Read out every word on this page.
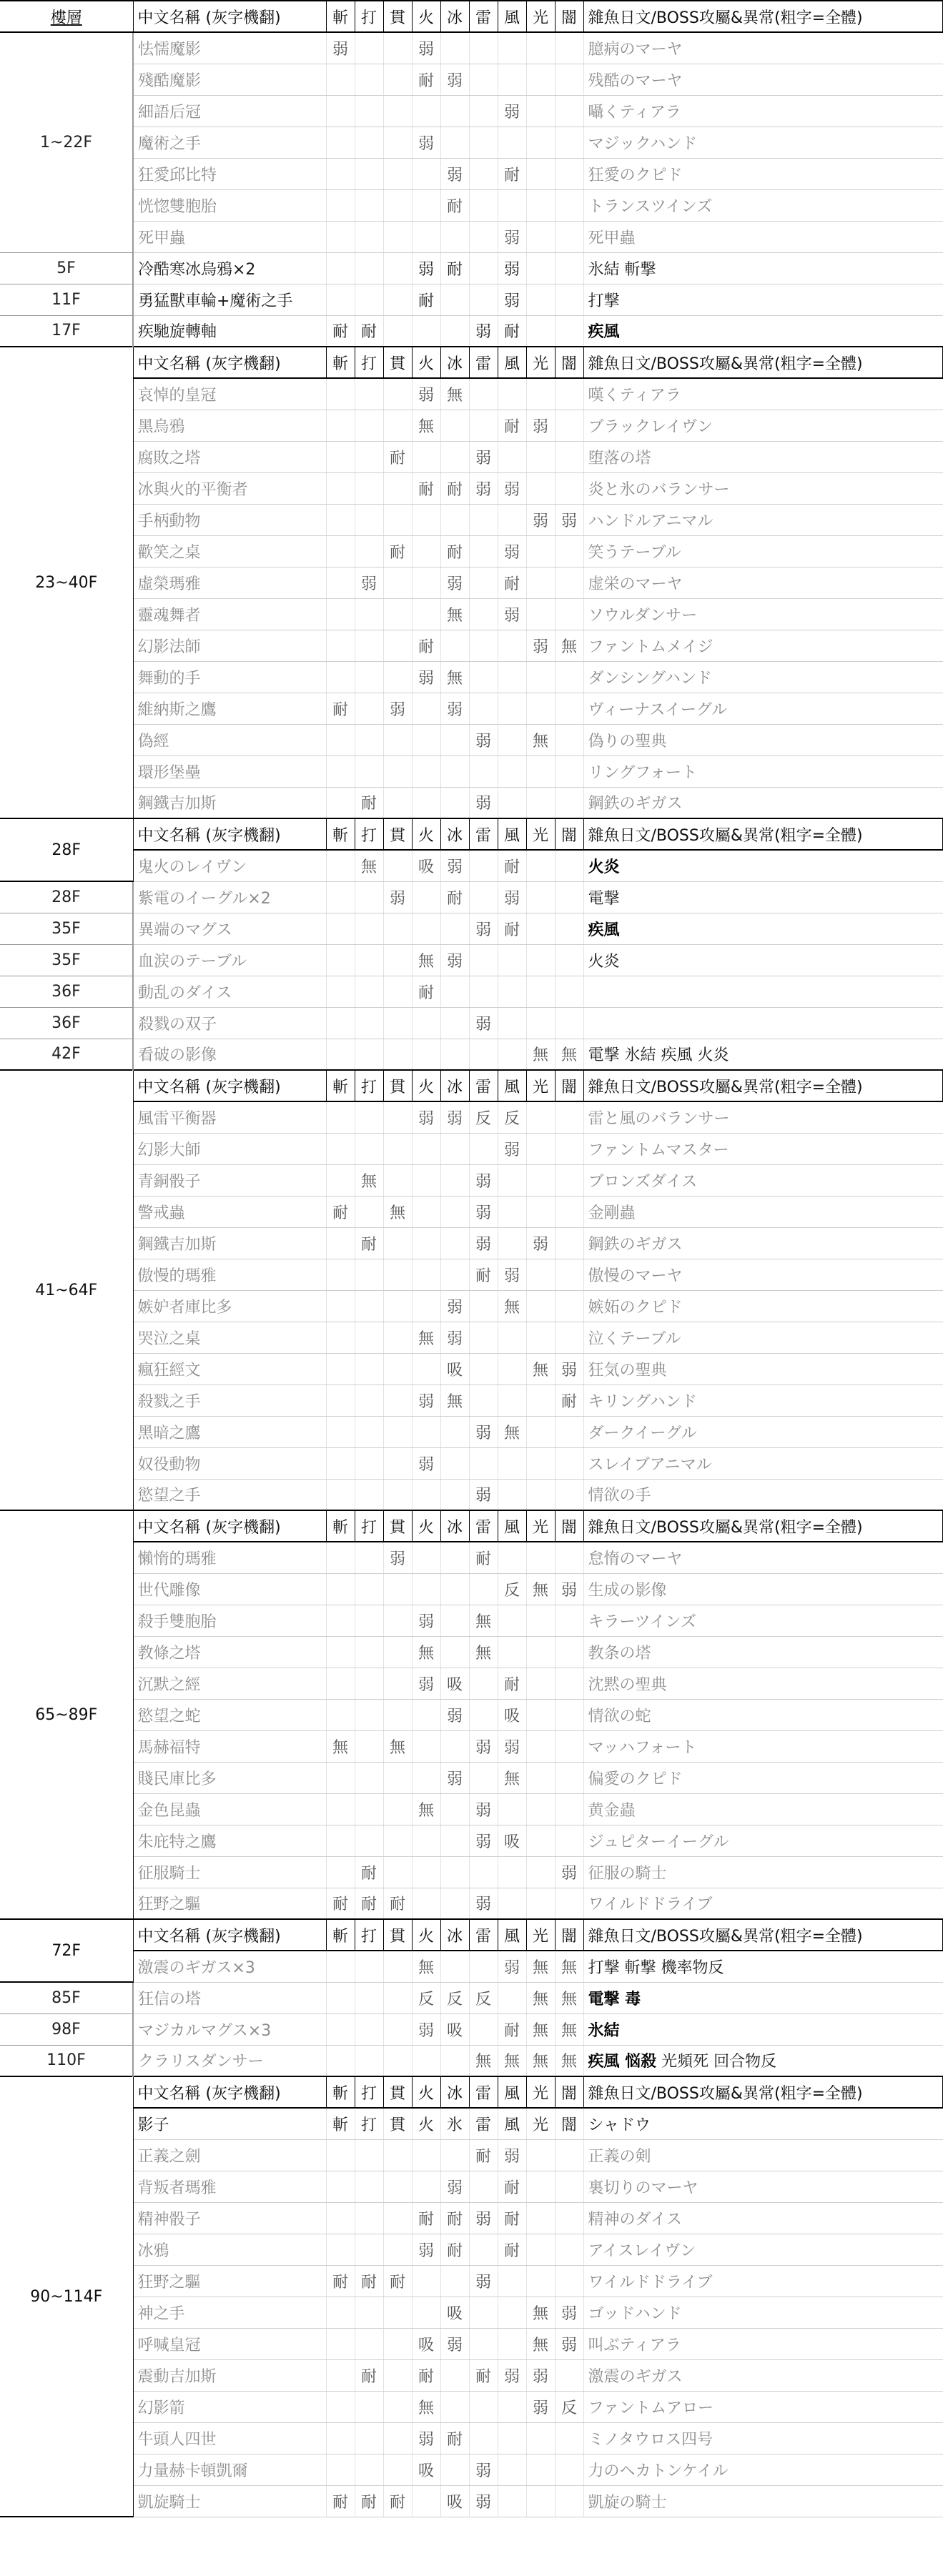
樓層	中文名稱 (灰字機翻)	斬	打	貫	火	冰	雷	風	光	闇	雜魚日文/BOSS攻屬&異常(粗字=全體)
1~22F	怯懦魔影	弱			弱						臆病のマーヤ
	殘酷魔影				耐	弱					残酷のマーヤ
	細語后冠							弱			囁くティアラ
	魔術之手				弱						マジックハンド
	狂愛邱比特					弱		耐			狂愛のクピド
	恍惚雙胞胎					耐					トランスツインズ
	死甲蟲							弱			死甲蟲
5F	冷酷寒冰烏鴉×2				弱	耐		弱			氷結 斬撃
11F	勇猛獸車輪+魔術之手				耐			弱			打撃
17F	疾馳旋轉軸	耐	耐				弱	耐			疾風
23~40F	中文名稱 (灰字機翻)	斬	打	貫	火	冰	雷	風	光	闇	雜魚日文/BOSS攻屬&異常(粗字=全體)
	哀悼的皇冠				弱	無					嘆くティアラ
	黑烏鴉				無			耐	弱		ブラックレイヴン
	腐敗之塔			耐			弱				堕落の塔
	冰與火的平衡者				耐	耐	弱	弱			炎と氷のバランサー
	手柄動物								弱	弱	ハンドルアニマル
	歡笑之桌			耐		耐		弱			笑うテーブル
	虛榮瑪雅		弱			弱		耐			虚栄のマーヤ
	靈魂舞者					無		弱			ソウルダンサー
	幻影法師				耐				弱	無	ファントムメイジ
	舞動的手				弱	無					ダンシングハンド
	維納斯之鷹	耐		弱		弱					ヴィーナスイーグル
	偽經						弱		無		偽りの聖典
	環形堡壘										リングフォート
	鋼鐵吉加斯		耐				弱				鋼鉄のギガス
28F	中文名稱 (灰字機翻)	斬	打	貫	火	冰	雷	風	光	闇	雜魚日文/BOSS攻屬&異常(粗字=全體)
	鬼火のレイヴン		無		吸	弱		耐			火炎
28F	紫電のイーグル×2			弱		耐		弱			電撃
35F	異端のマグス						弱	耐			疾風
35F	血涙のテーブル				無	弱					火炎
36F	動乱のダイス				耐						
36F	殺戮の双子						弱				
42F	看破の影像								無	無	電撃 氷結 疾風 火炎
41~64F	中文名稱 (灰字機翻)	斬	打	貫	火	冰	雷	風	光	闇	雜魚日文/BOSS攻屬&異常(粗字=全體)
	風雷平衡器				弱	弱	反	反			雷と風のバランサー
	幻影大師							弱			ファントムマスター
	青銅骰子		無				弱				ブロンズダイス
	警戒蟲	耐		無			弱				金剛蟲
	鋼鐵吉加斯		耐				弱		弱		鋼鉄のギガス
	傲慢的瑪雅						耐	弱			傲慢のマーヤ
	嫉妒者庫比多					弱		無			嫉妬のクピド
	哭泣之桌				無	弱					泣くテーブル
	瘋狂經文					吸			無	弱	狂気の聖典
	殺戮之手				弱	無				耐	キリングハンド
	黑暗之鷹						弱	無			ダークイーグル
	奴役動物				弱						スレイブアニマル
	慾望之手						弱				情欲の手
65~89F	中文名稱 (灰字機翻)	斬	打	貫	火	冰	雷	風	光	闇	雜魚日文/BOSS攻屬&異常(粗字=全體)
	懶惰的瑪雅			弱			耐				怠惰のマーヤ
	世代雕像							反	無	弱	生成の影像
	殺手雙胞胎				弱		無				キラーツインズ
	教條之塔				無		無				教条の塔
	沉默之經				弱	吸		耐			沈黙の聖典
	慾望之蛇					弱		吸			情欲の蛇
	馬赫福特	無		無			弱	弱			マッハフォート
	賤民庫比多					弱		無			偏愛のクピド
	金色昆蟲				無		弱				黄金蟲
	朱庇特之鷹						弱	吸			ジュピターイーグル
	征服騎士		耐							弱	征服の騎士
	狂野之驅	耐	耐	耐			弱				ワイルドドライブ
72F	中文名稱 (灰字機翻)	斬	打	貫	火	冰	雷	風	光	闇	雜魚日文/BOSS攻屬&異常(粗字=全體)
	激震のギガス×3				無			弱	無	無	打撃 斬撃 機率物反
85F	狂信の塔				反	反	反		無	無	電撃 毒
98F	マジカルマグス×3				弱	吸		耐	無	無	氷結
110F	クラリスダンサー						無	無	無	無	疾風 悩殺 光頻死 回合物反
90~114F	中文名稱 (灰字機翻)	斬	打	貫	火	冰	雷	風	光	闇	雜魚日文/BOSS攻屬&異常(粗字=全體)
	影子	斬	打	貫	火	氷	雷	風	光	闇	シャドウ
	正義之劍						耐	弱			正義の剣
	背叛者瑪雅					弱		耐			裏切りのマーヤ
	精神骰子				耐	耐	弱	耐			精神のダイス
	冰鴉				弱	耐		耐			アイスレイヴン
	狂野之驅	耐	耐	耐			弱				ワイルドドライブ
	神之手					吸			無	弱	ゴッドハンド
	呼喊皇冠				吸	弱			無	弱	叫ぶティアラ
	震動吉加斯		耐		耐		耐	弱	弱		激震のギガス
	幻影箭				無				弱	反	ファントムアロー
	牛頭人四世				弱	耐					ミノタウロス四号
	力量赫卡頓凱爾				吸		弱				力のヘカトンケイル
	凱旋騎士	耐	耐	耐		吸	弱				凱旋の騎士
